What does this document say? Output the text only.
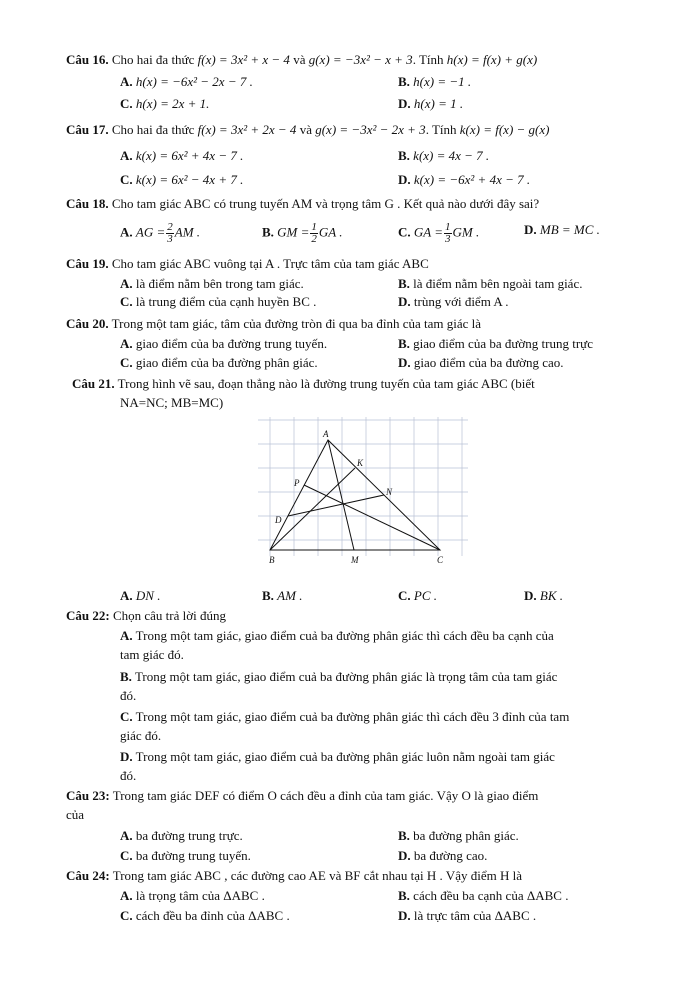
Câu 16. Cho hai đa thức f(x) = 3x² + x − 4 và g(x) = −3x² − x + 3. Tính h(x) = f(x) + g(x)
A. h(x) = −6x² − 2x − 7 .	B. h(x) = −1 .
C. h(x) = 2x + 1.	D. h(x) = 1 .
Câu 17. Cho hai đa thức f(x) = 3x² + 2x − 4 và g(x) = −3x² − 2x + 3. Tính k(x) = f(x) − g(x)
A. k(x) = 6x² + 4x − 7 .	B. k(x) = 4x − 7 .
C. k(x) = 6x² − 4x + 7 .	D. k(x) = −6x² + 4x − 7 .
Câu 18. Cho tam giác ABC có trung tuyến AM và trọng tâm G . Kết quả nào dưới đây sai?
A. AG = $\frac{2}{3}$ AM .	B. GM = $\frac{1}{2}$ GA .	C. GA = $\frac{1}{3}$ GM .	D. MB = MC .
Câu 19. Cho tam giác ABC vuông tại A . Trực tâm của tam giác ABC
A. là điểm nằm bên trong tam giác.	B. là điểm nằm bên ngoài tam giác.
C. là trung điểm của cạnh huyền BC .	D. trùng với điểm A .
Câu 20. Trong một tam giác, tâm của đường tròn đi qua ba đỉnh của tam giác là
A. giao điểm của ba đường trung tuyến.	B. giao điểm của ba đường trung trực
C. giao điểm của ba đường phân giác.	D. giao điểm của ba đường cao.
Câu 21. Trong hình vẽ sau, đoạn thẳng nào là đường trung tuyến của tam giác ABC (biết
NA=NC; MB=MC)
A
K
P
N
D
B	M	C
A. DN .	B. AM .	C. PC .	D. BK .
Câu 22: Chọn câu trả lời đúng
A. Trong một tam giác, giao điểm cuả ba đường phân giác thì cách đều ba cạnh của
tam giác đó.
B. Trong một tam giác, giao điểm cuả ba đường phân giác là trọng tâm của tam giác
đó.
C. Trong một tam giác, giao điểm cuả ba đường phân giác thì cách đều 3 đỉnh của tam
giác đó.
D. Trong một tam giác, giao điểm cuả ba đường phân giác luôn nằm ngoài tam giác
đó.
Câu 23: Trong tam giác DEF có điểm O cách đều a đỉnh của tam giác. Vậy O là giao điểm
của
A. ba đường trung trực.	B. ba đường phân giác.
C. ba đường trung tuyến.	D. ba đường cao.
Câu 24: Trong tam giác ABC , các đường cao AE và BF cắt nhau tại H . Vậy điểm H là
A. là trọng tâm của ΔABC .	B. cách đều ba cạnh của ΔABC .
C. cách đều ba đỉnh của ΔABC .	D. là trực tâm của ΔABC .
